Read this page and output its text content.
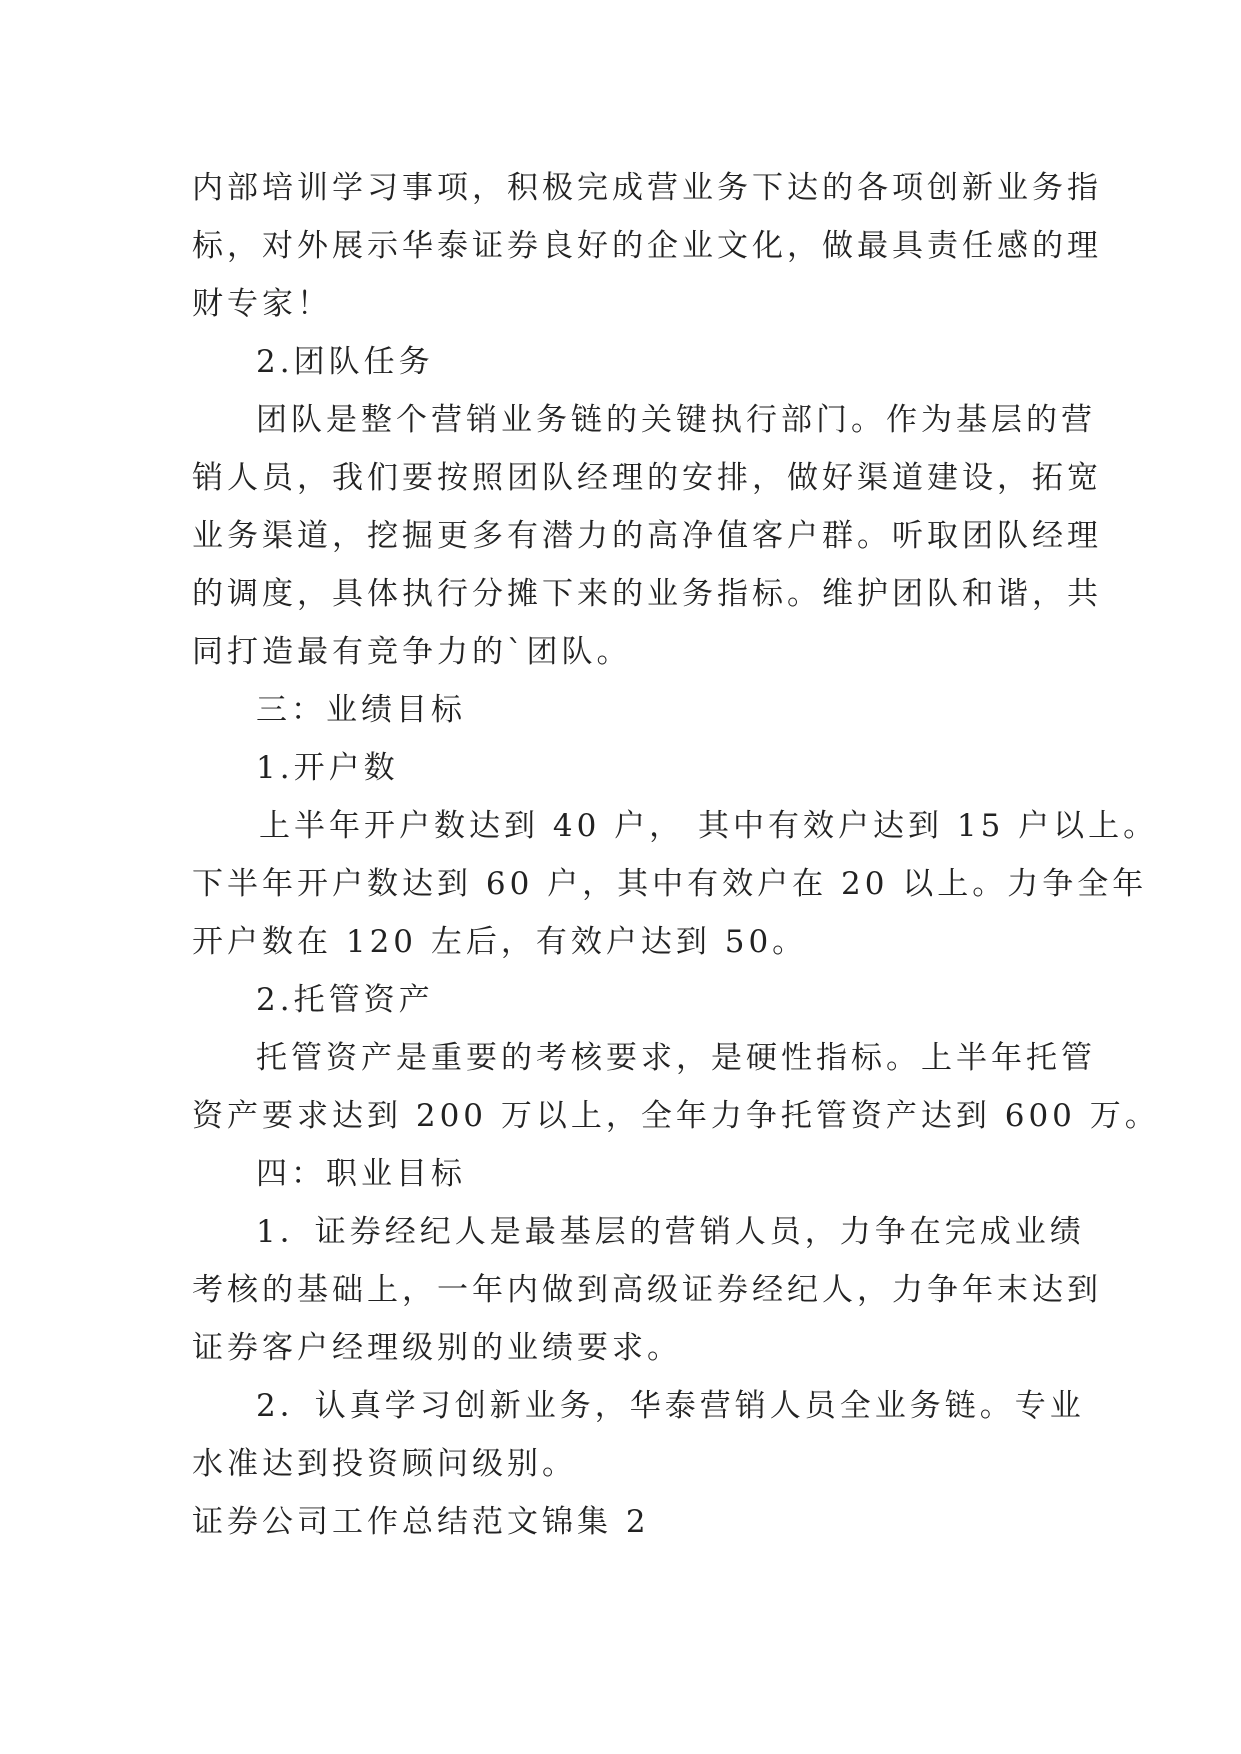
内部培训学习事项，积极完成营业务下达的各项创新业务指
标，对外展示华泰证券良好的企业文化，做最具责任感的理
财专家！
2.团队任务
团队是整个营销业务链的关键执行部门。作为基层的营
销人员，我们要按照团队经理的安排，做好渠道建设，拓宽
业务渠道，挖掘更多有潜力的高净值客户群。听取团队经理
的调度，具体执行分摊下来的业务指标。维护团队和谐，共
同打造最有竞争力的`团队。
三：业绩目标
1.开户数
上半年开户数达到 40 户， 其中有效户达到 15 户以上。
下半年开户数达到 60 户，其中有效户在 20 以上。力争全年
开户数在 120 左后，有效户达到 50。
2.托管资产
托管资产是重要的考核要求，是硬性指标。上半年托管
资产要求达到 200 万以上，全年力争托管资产达到 600 万。
四：职业目标
1．证券经纪人是最基层的营销人员，力争在完成业绩
考核的基础上，一年内做到高级证券经纪人，力争年末达到
证券客户经理级别的业绩要求。
2．认真学习创新业务，华泰营销人员全业务链。专业
水准达到投资顾问级别。
证券公司工作总结范文锦集 2
